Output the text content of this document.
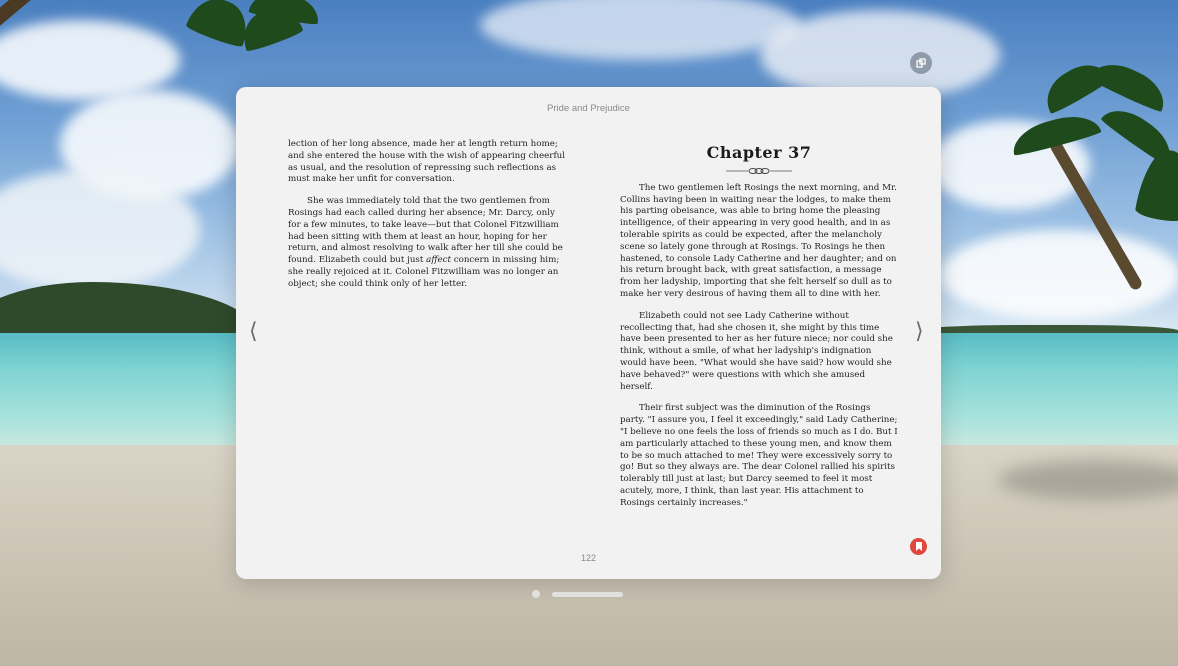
Pride and Prejudice
⟨	⟩

lection of her long absence, made her at length return home; and she entered the house with the wish of appearing cheerful as usual, and the resolution of repressing such reflections as must make her unfit for conversation.

She was immediately told that the two gentlemen from Rosings had each called during her absence; Mr. Darcy, only for a few minutes, to take leave—but that Colonel Fitzwilliam had been sitting with them at least an hour, hoping for her return, and almost resolving to walk after her till she could be found. Elizabeth could but just affect concern in missing him; she really rejoiced at it. Colonel Fitzwilliam was no longer an object; she could think only of her letter.

Chapter 37

The two gentlemen left Rosings the next morning, and Mr. Collins having been in waiting near the lodges, to make them his parting obeisance, was able to bring home the pleasing intelligence, of their appearing in very good health, and in as tolerable spirits as could be expected, after the melancholy scene so lately gone through at Rosings. To Rosings he then hastened, to console Lady Catherine and her daughter; and on his return brought back, with great satisfaction, a message from her ladyship, importing that she felt herself so dull as to make her very desirous of having them all to dine with her.

Elizabeth could not see Lady Catherine without recollecting that, had she chosen it, she might by this time have been presented to her as her future niece; nor could she think, without a smile, of what her ladyship's indignation would have been. "What would she have said? how would she have behaved?" were questions with which she amused herself.

Their first subject was the diminution of the Rosings party. "I assure you, I feel it exceedingly," said Lady Catherine; "I believe no one feels the loss of friends so much as I do. But I am particularly attached to these young men, and know them to be so much attached to me! They were excessively sorry to go! But so they always are. The dear Colonel rallied his spirits tolerably till just at last; but Darcy seemed to feel it most acutely, more, I think, than last year. His attachment to Rosings certainly increases."

122
